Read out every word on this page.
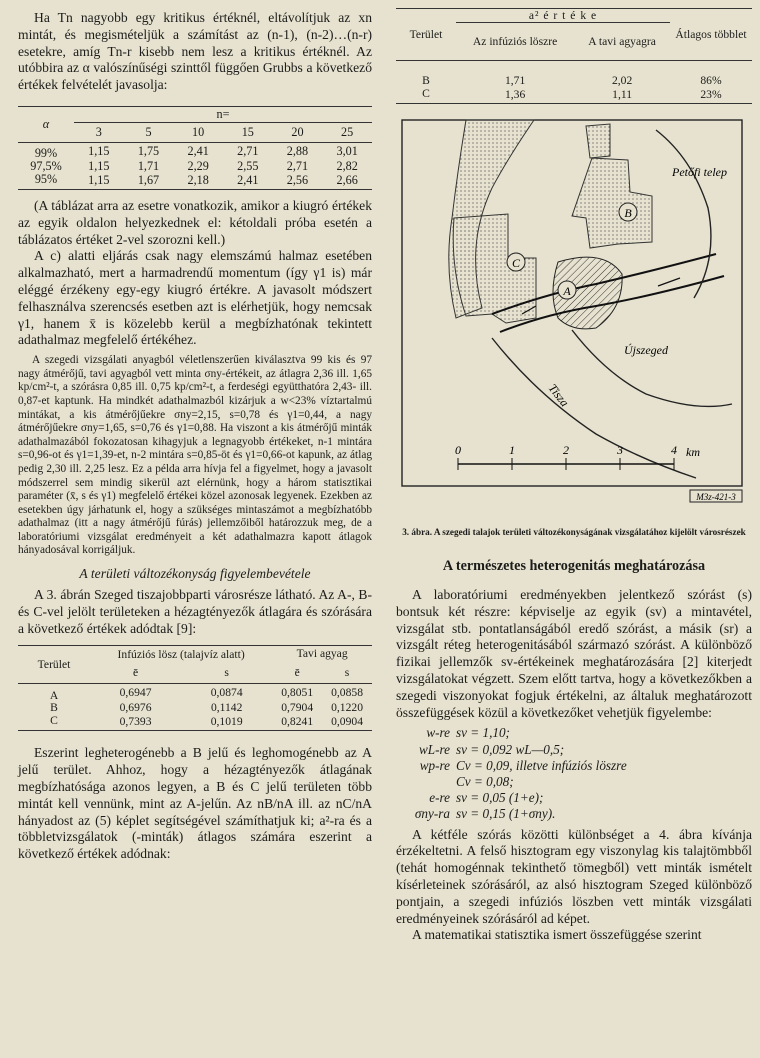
Ha Tn nagyobb egy kritikus értéknél, eltávolítjuk az xn mintát, és megismételjük a számítást az (n-1), (n-2)…(n-r) esetekre, amíg Tn-r kisebb nem lesz a kritikus értéknél. Az utóbbira az α valószínűségi szinttől függően Grubbs a következő értékek felvételét javasolja:

α	n=					
	3	5	10	15	20	25
99%	1,15	1,75	2,41	2,71	2,88	3,01
97,5%	1,15	1,71	2,29	2,55	2,71	2,82
95%	1,15	1,67	2,18	2,41	2,56	2,66

(A táblázat arra az esetre vonatkozik, amikor a kiugró értékek az egyik oldalon helyezkednek el: kétoldali próba esetén a táblázatos értéket 2-vel szorozni kell.)

A c) alatti eljárás csak nagy elemszámú halmaz esetében alkalmazható, mert a harmadrendű momentum (így γ1 is) már eléggé érzékeny egy-egy kiugró értékre. A javasolt módszert felhasználva szerencsés esetben azt is elérhetjük, hogy nemcsak γ1, hanem x̄ is közelebb kerül a megbízhatónak tekintett adathalmaz megfelelő értékéhez.

A szegedi vizsgálati anyagból véletlenszerűen kiválasztva 99 kis és 97 nagy átmérőjű, tavi agyagból vett minta σny-értékeit, az átlagra 2,36 ill. 1,65 kp/cm²-t, a szórásra 0,85 ill. 0,75 kp/cm²-t, a ferdeségi együtthatóra 2,43- ill. 0,87-et kaptunk. Ha mindkét adathalmazból kizárjuk a w<23% víztartalmú mintákat, a kis átmérőjűekre σny=2,15, s=0,78 és γ1=0,44, a nagy átmérőjűekre σny=1,65, s=0,76 és γ1=0,88. Ha viszont a kis átmérőjű minták adathalmazából fokozatosan kihagyjuk a legnagyobb értékeket, n-1 mintára s=0,96-ot és γ1=1,39-et, n-2 mintára s=0,85-öt és γ1=0,66-ot kapunk, az átlag pedig 2,30 ill. 2,25 lesz. Ez a példa arra hívja fel a figyelmet, hogy a javasolt módszerrel sem mindig sikerül azt elérnünk, hogy a három statisztikai paraméter (x̄, s és γ1) megfelelő értékei közel azonosak legyenek. Ezekben az esetekben úgy járhatunk el, hogy a szükséges mintaszámot a megbízhatóbb adathalmaz (itt a nagy átmérőjű fúrás) jellemzőiből határozzuk meg, de a laboratóriumi vizsgálat eredményeit a két adathalmazra kapott átlagok hányadosával korrigáljuk.

A területi változékonyság figyelembevétele

A 3. ábrán Szeged tiszajobbparti városrésze látható. Az A-, B- és C-vel jelölt területeken a hézagtényezők átlagára és szórására a következő értékek adódtak [9]:

Terület	Infúziós lösz (talajvíz alatt)		Tavi agyag	
	ē	s	ē	s
A	0,6947	0,0874	0,8051	0,0858
B	0,6976	0,1142	0,7904	0,1220
C	0,7393	0,1019	0,8241	0,0904

Eszerint legheterogénebb a B jelű és leghomogénebb az A jelű terület. Ahhoz, hogy a hézagtényezők átlagának megbízhatósága azonos legyen, a B és C jelű területen több mintát kell vennünk, mint az A-jelűn. Az nB/nA ill. az nC/nA hányadost az (5) képlet segítségével számíthatjuk ki; a²-ra és a többletvizsgálatok (-minták) átlagos számára eszerint a következő értékek adódnak:

Terület	a² é r t é k e		Átlagos többlet
	Az infúziós löszre	A tavi agyagra	
B	1,71	2,02	86%
C	1,36	1,11	23%
A
B
C
Petőfi telep
Újszeged
Tisza
0	1	2	3	4 km
M3z-421-3
3. ábra. A szegedi talajok területi változékonyságának vizsgálatához kijelölt városrészek
A természetes heterogenitás meghatározása

A laboratóriumi eredményekben jelentkező szórást (s) bontsuk két részre: képviselje az egyik (sv) a mintavétel, vizsgálat stb. pontatlanságából eredő szórást, a másik (sr) a vizsgált réteg heterogenitásából származó szórást. A különböző fizikai jellemzők sv-értékeinek meghatározására [2] kiterjedt vizsgálatokat végzett. Szem előtt tartva, hogy a következőkben a szegedi viszonyokat fogjuk értékelni, az általuk meghatározott összefüggések közül a következőket vehetjük figyelembe:

w-re sv = 1,10;
wL-re sv = 0,092 wL—0,5;
wp-re Cv = 0,09, illetve infúziós löszre
Cv = 0,08;
e-re sv = 0,05 (1+e);
σny-ra sv = 0,15 (1+σny).

A kétféle szórás közötti különbséget a 4. ábra kívánja érzékeltetni. A felső hisztogram egy viszonylag kis talajtömbből (tehát homogénnak tekinthető tömegből) vett minták ismételt kísérleteinek szórásáról, az alsó hisztogram Szeged különböző pontjain, a szegedi infúziós löszben vett minták vizsgálati eredményeinek szórásáról ad képet.

A matematikai statisztika ismert összefüggése szerint
